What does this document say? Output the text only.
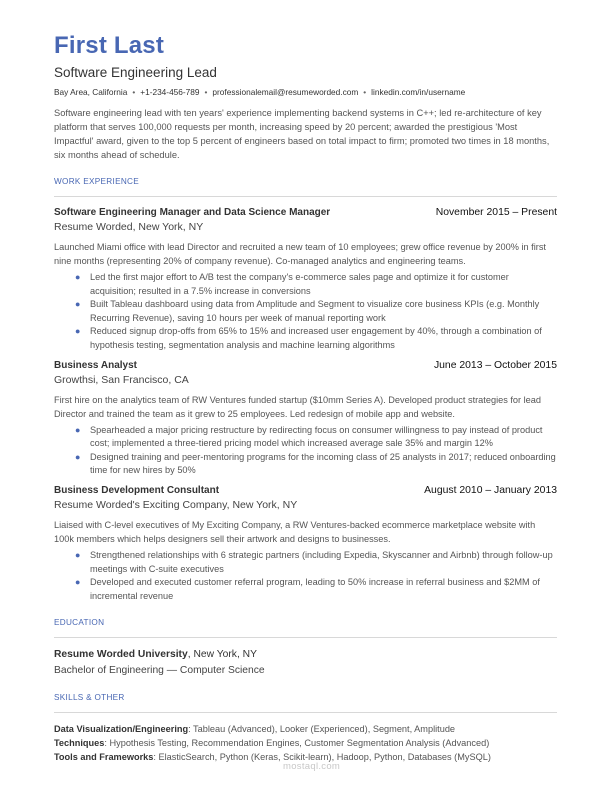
First Last
Software Engineering Lead
Bay Area, California • +1-234-456-789 • professionalemail@resumeworded.com • linkedin.com/in/username
Software engineering lead with ten years' experience implementing backend systems in C++; led re-architecture of key platform that serves 100,000 requests per month, increasing speed by 20 percent; awarded the prestigious 'Most Impactful' award, given to the top 5 percent of engineers based on total impact to firm; promoted two times in 18 months, six months ahead of schedule.
WORK EXPERIENCE
Software Engineering Manager and Data Science Manager	November 2015 – Present
Resume Worded, New York, NY
Launched Miami office with lead Director and recruited a new team of 10 employees; grew office revenue by 200% in first nine months (representing 20% of company revenue). Co-managed analytics and engineering teams.
● Led the first major effort to A/B test the company's e-commerce sales page and optimize it for customer acquisition; resulted in a 7.5% increase in conversions
● Built Tableau dashboard using data from Amplitude and Segment to visualize core business KPIs (e.g. Monthly Recurring Revenue), saving 10 hours per week of manual reporting work
● Reduced signup drop-offs from 65% to 15% and increased user engagement by 40%, through a combination of hypothesis testing, segmentation analysis and machine learning algorithms
Business Analyst	June 2013 – October 2015
Growthsi, San Francisco, CA
First hire on the analytics team of RW Ventures funded startup ($10mm Series A). Developed product strategies for lead Director and trained the team as it grew to 25 employees. Led redesign of mobile app and website.
● Spearheaded a major pricing restructure by redirecting focus on consumer willingness to pay instead of product cost; implemented a three-tiered pricing model which increased average sale 35% and margin 12%
● Designed training and peer-mentoring programs for the incoming class of 25 analysts in 2017; reduced onboarding time for new hires by 50%
Business Development Consultant	August 2010 – January 2013
Resume Worded's Exciting Company, New York, NY
Liaised with C-level executives of My Exciting Company, a RW Ventures-backed ecommerce marketplace website with 100k members which helps designers sell their artwork and designs to businesses.
● Strengthened relationships with 6 strategic partners (including Expedia, Skyscanner and Airbnb) through follow-up meetings with C-suite executives
● Developed and executed customer referral program, leading to 50% increase in referral business and $2MM of incremental revenue
EDUCATION
Resume Worded University, New York, NY
Bachelor of Engineering — Computer Science
SKILLS & OTHER
Data Visualization/Engineering: Tableau (Advanced), Looker (Experienced), Segment, Amplitude
Techniques: Hypothesis Testing, Recommendation Engines, Customer Segmentation Analysis (Advanced)
Tools and Frameworks: ElasticSearch, Python (Keras, Scikit-learn), Hadoop, Python, Databases (MySQL)
mostaql.com
